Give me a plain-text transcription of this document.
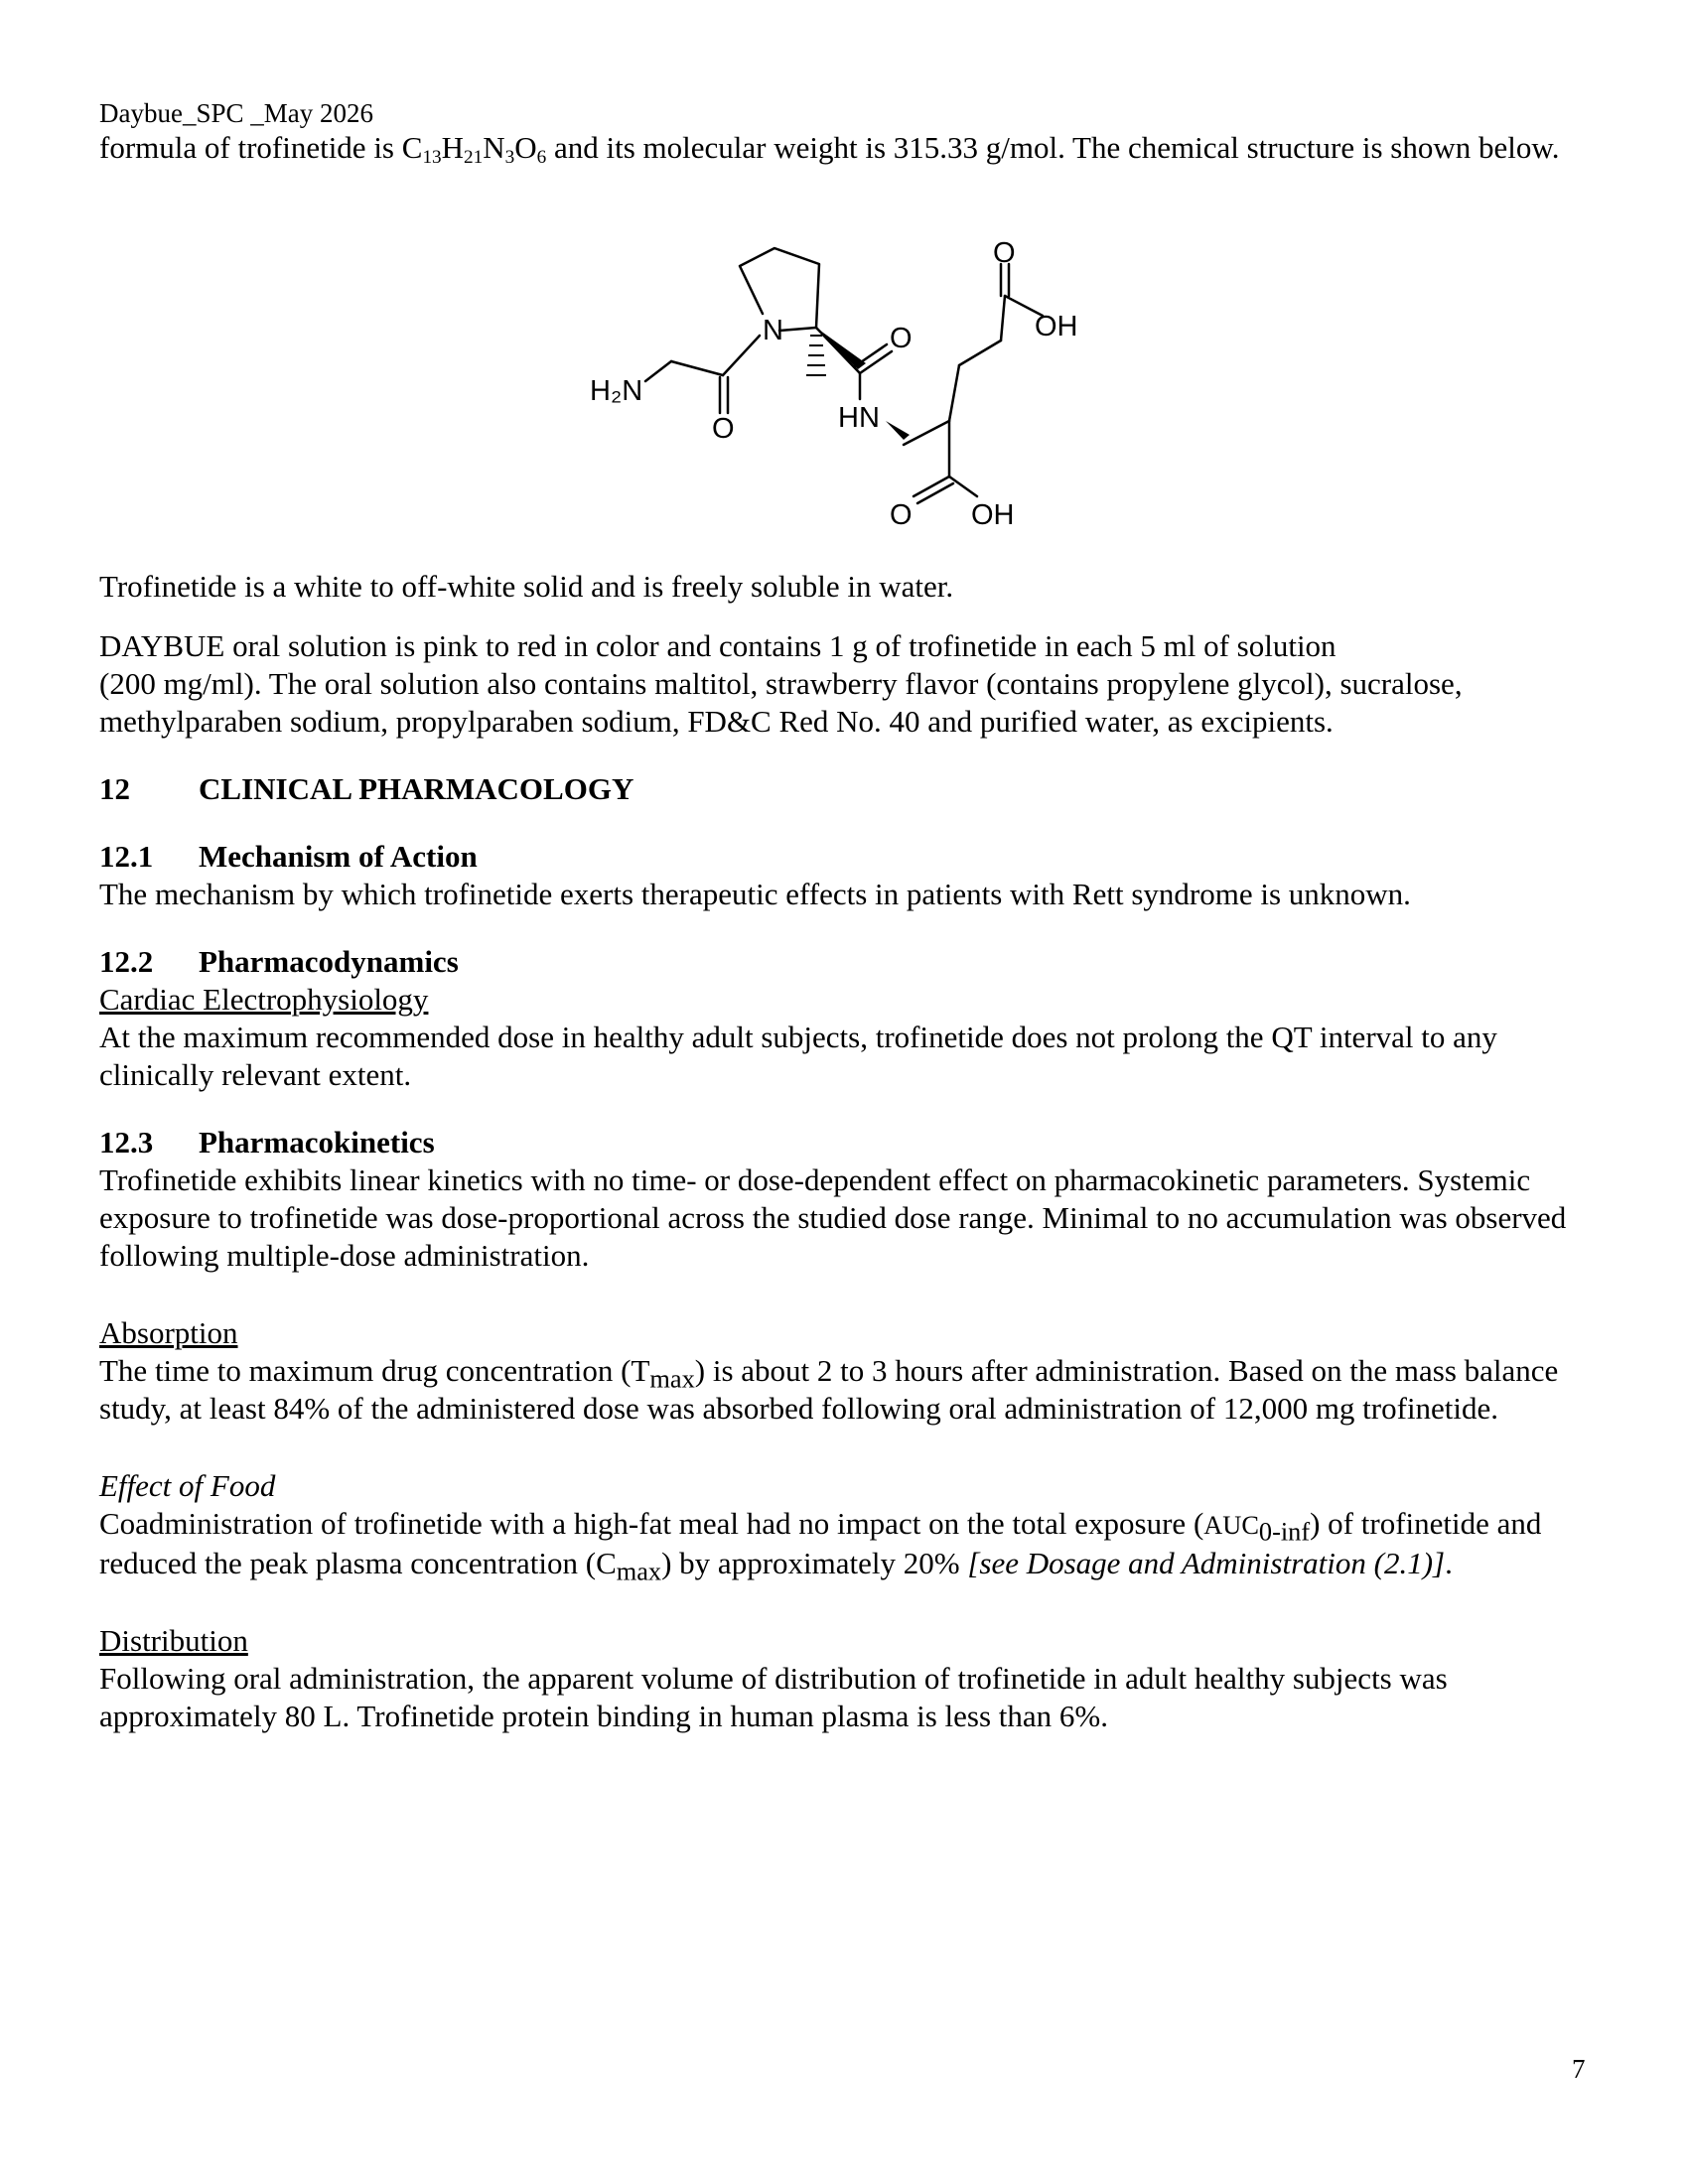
Daybue_SPC _May 2026

formula of trofinetide is $C_{13}H_{21}N_3O_6$ and its molecular weight is 315.33 g/mol. The chemical structure is shown below.

Trofinetide is a white to off-white solid and is freely soluble in water.

DAYBUE oral solution is pink to red in color and contains 1 g of trofinetide in each 5 ml of solution
(200 mg/ml). The oral solution also contains maltitol, strawberry flavor (contains propylene glycol), sucralose, methylparaben sodium, propylparaben sodium, FD&C Red No. 40 and purified water, as excipients.

12	CLINICAL PHARMACOLOGY
12.1	Mechanism of Action

The mechanism by which trofinetide exerts therapeutic effects in patients with Rett syndrome is unknown.

12.2	Pharmacodynamics

Cardiac Electrophysiology

At the maximum recommended dose in healthy adult subjects, trofinetide does not prolong the QT interval to any clinically relevant extent.

12.3	Pharmacokinetics

Trofinetide exhibits linear kinetics with no time- or dose-dependent effect on pharmacokinetic parameters. Systemic exposure to trofinetide was dose-proportional across the studied dose range. Minimal to no accumulation was observed following multiple-dose administration.

Absorption

The time to maximum drug concentration $(T_{max})$ is about 2 to 3 hours after administration. Based on the mass balance study, at least 84% of the administered dose was absorbed following oral administration of 12,000 mg trofinetide.

Effect of Food

Coadministration of trofinetide with a high-fat meal had no impact on the total exposure $(AUC_{0-inf})$ of trofinetide and reduced the peak plasma concentration $(C_{max})$ by approximately 20% [see Dosage and Administration (2.1)].

Distribution

Following oral administration, the apparent volume of distribution of trofinetide in adult healthy subjects was approximately 80 L. Trofinetide protein binding in human plasma is less than 6%.

N
H₂N
O
O
HN
O
OH
O OH
7
